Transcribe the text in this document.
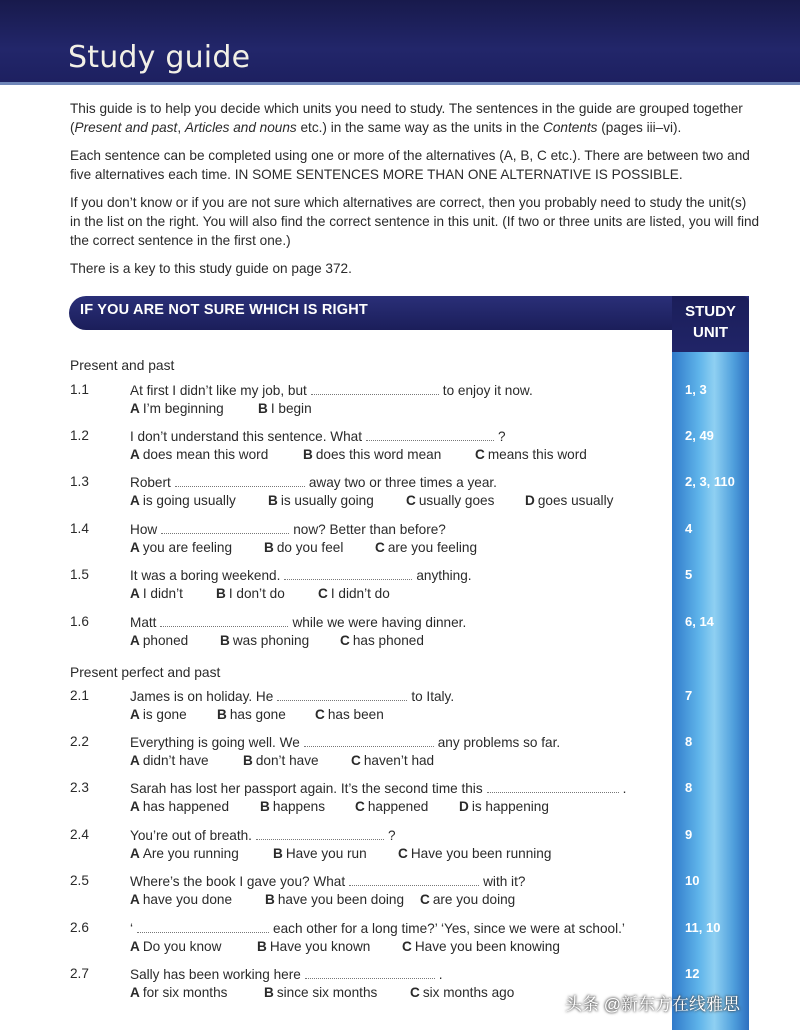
Study guide

This guide is to help you decide which units you need to study. The sentences in the guide are grouped together (Present and past, Articles and nouns etc.) in the same way as the units in the Contents (pages iii–vi).

Each sentence can be completed using one or more of the alternatives (A, B, C etc.). There are between two and five alternatives each time. IN SOME SENTENCES MORE THAN ONE ALTERNATIVE IS POSSIBLE.

If you don’t know or if you are not sure which alternatives are correct, then you probably need to study the unit(s) in the list on the right. You will also find the correct sentence in this unit. (If two or three units are listed, you will find the correct sentence in the first one.)

There is a key to this study guide on page 372.

IF YOU ARE NOT SURE WHICH IS RIGHT	STUDY
UNIT
Present and past
1.1	At first I didn’t like my job, but	to enjoy it now.
A I’m beginning	B I begin
1, 3
1.2	I don’t understand this sentence. What	?
A does mean this word	B does this word mean C means this word
2, 49
1.3	Robert	away two or three times a year.
A is going usually B is usually going C usually goes D goes usually
2, 3, 110
1.4	How	now? Better than before?
A you are feeling B do you feel C are you feeling
4
1.5	It was a boring weekend.	anything.
A I didn’t B I don’t do C I didn’t do
5
1.6	Matt	while we were having dinner.
A phoned B was phoning C has phoned
6, 14
Present perfect and past
2.1	James is on holiday. He	to Italy.
A is gone B has gone C has been
7
2.2	Everything is going well. We	any problems so far.
A didn’t have	B don’t have C haven’t had
8
2.3	Sarah has lost her passport again. It’s the second time this	.
A has happened B happens C happened D is happening
8
2.4	You’re out of breath.	?
A Are you running	B Have you run C Have you been running
9
2.5	Where’s the book I gave you? What	with it?
A have you done B have you been doing C are you doing
10
2.6	‘	each other for a long time?’ ‘Yes, since we were at school.’
A Do you know	B Have you known C Have you been knowing
11, 10
2.7	Sally has been working here	.
A for six months	B since six months C six months ago
12
头条 @新东方在线雅思
